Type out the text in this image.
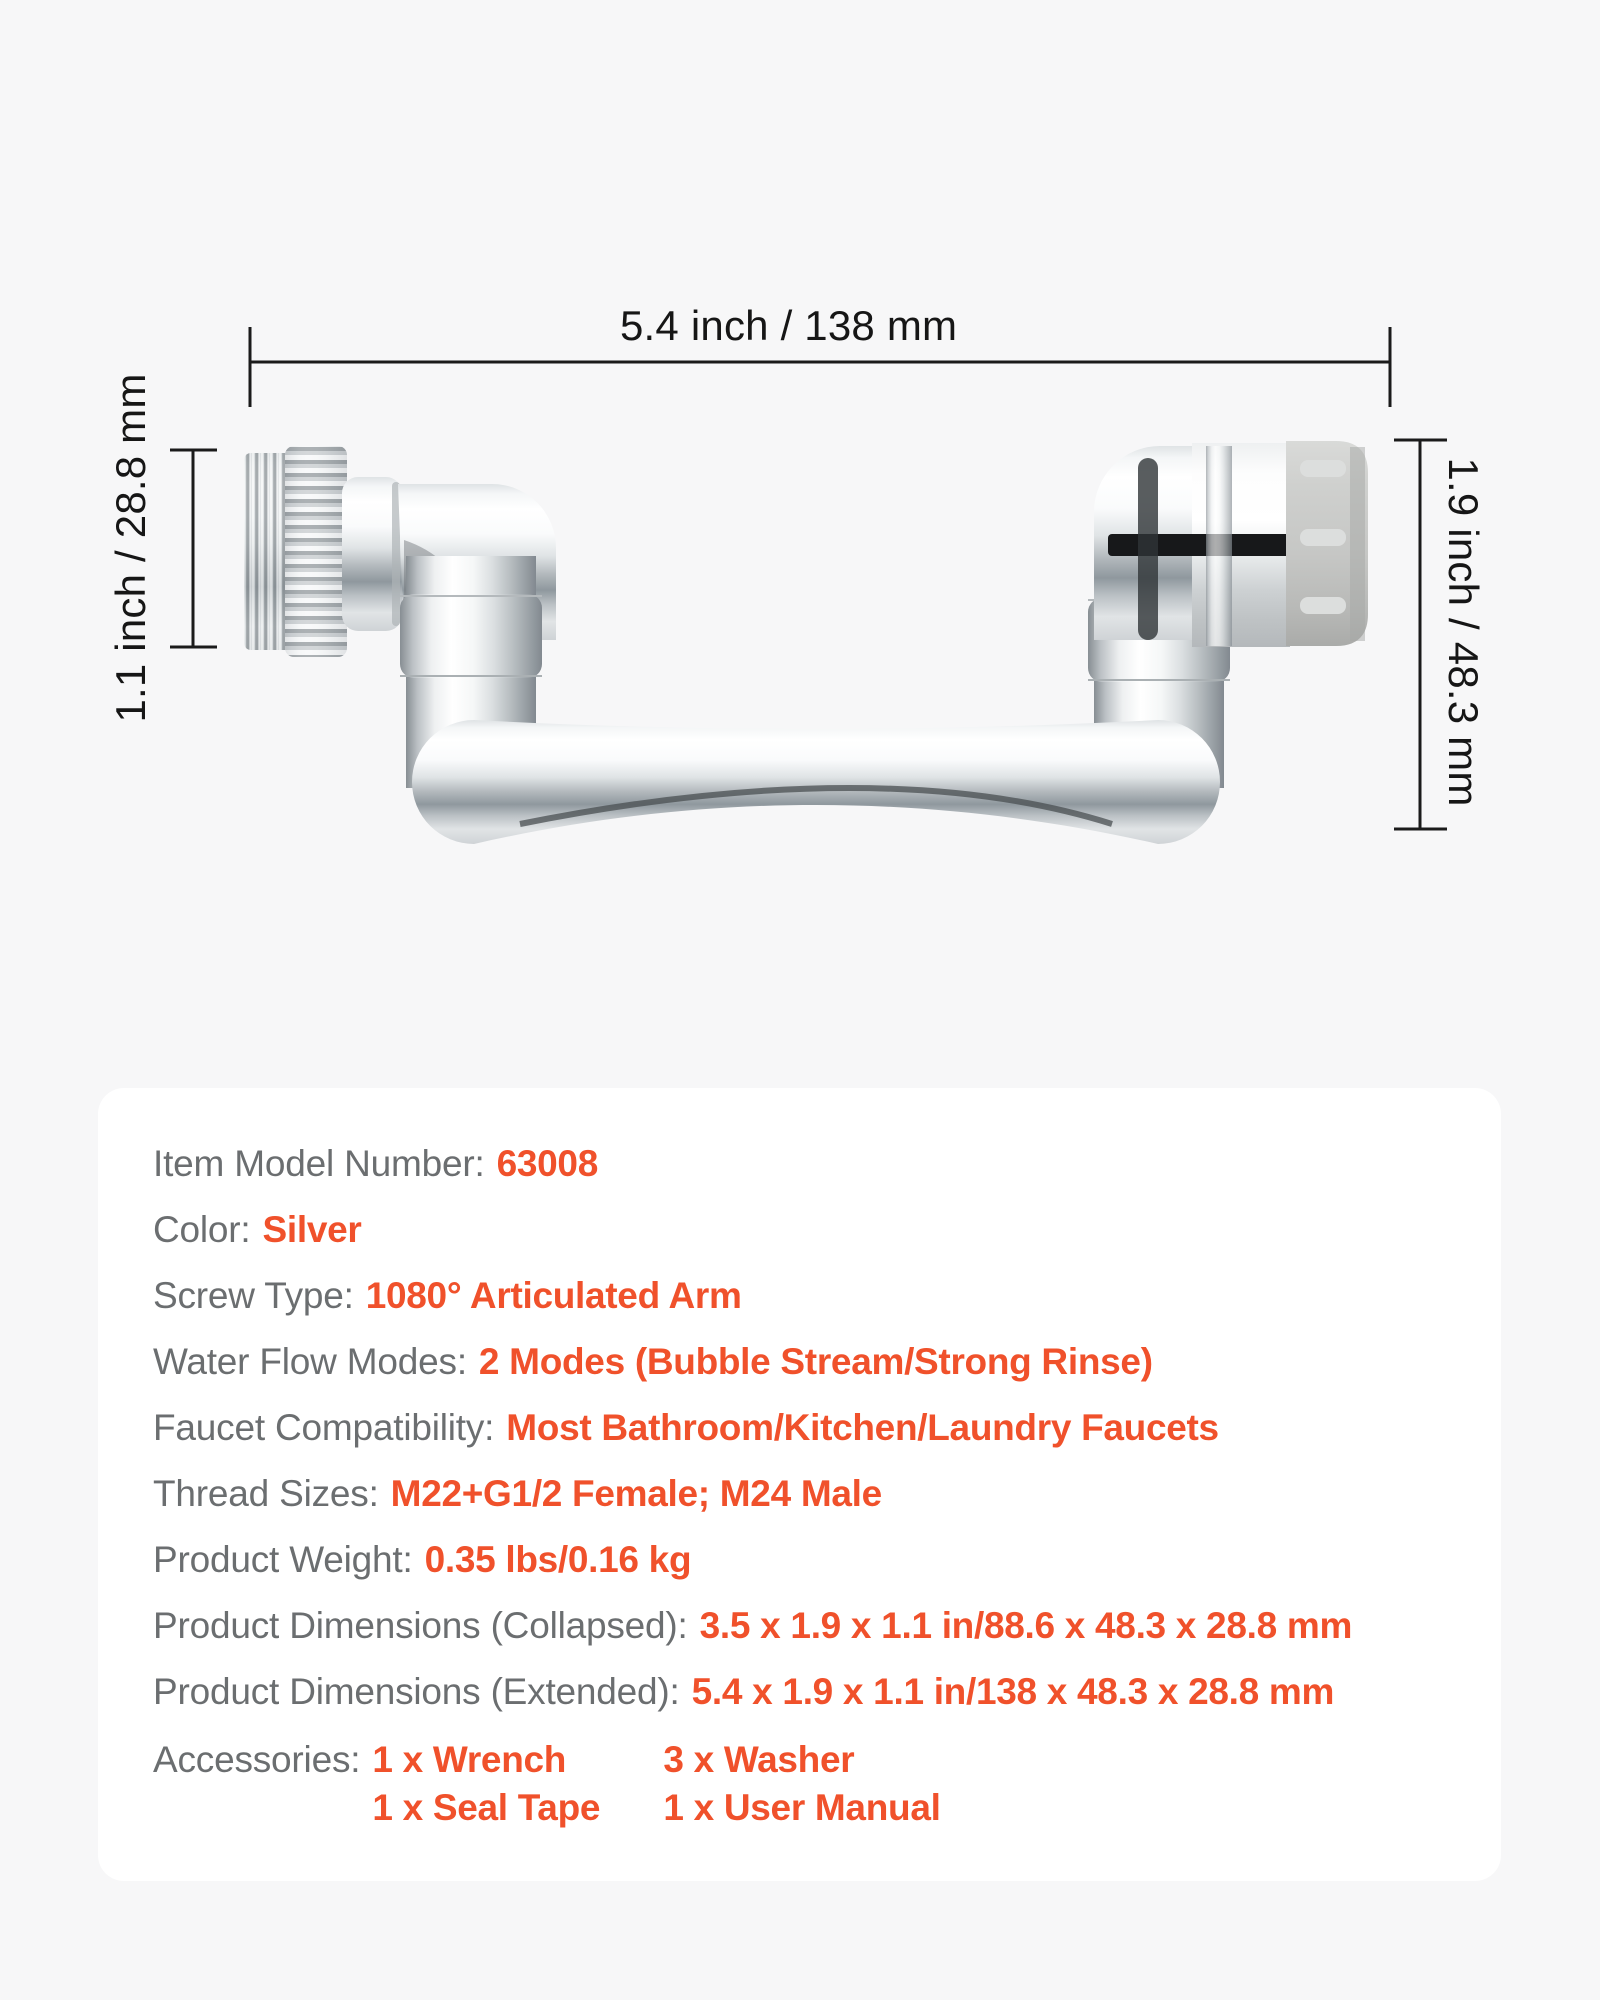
5.4 inch / 138 mm
1.1 inch / 28.8 mm	1.9 inch / 48.3 mm
Item Model Number: 63008
Color: Silver
Screw Type: 1080° Articulated Arm
Water Flow Modes: 2 Modes (Bubble Stream/Strong Rinse)
Faucet Compatibility: Most Bathroom/Kitchen/Laundry Faucets
Thread Sizes: M22+G1/2 Female; M24 Male
Product Weight: 0.35 lbs/0.16 kg
Product Dimensions (Collapsed): 3.5 x 1.9 x 1.1 in/88.6 x 48.3 x 28.8 mm
Product Dimensions (Extended): 5.4 x 1.9 x 1.1 in/138 x 48.3 x 28.8 mm
Accessories: 1 x Wrench	3 x Washer
1 x Seal Tape	1 x User Manual
